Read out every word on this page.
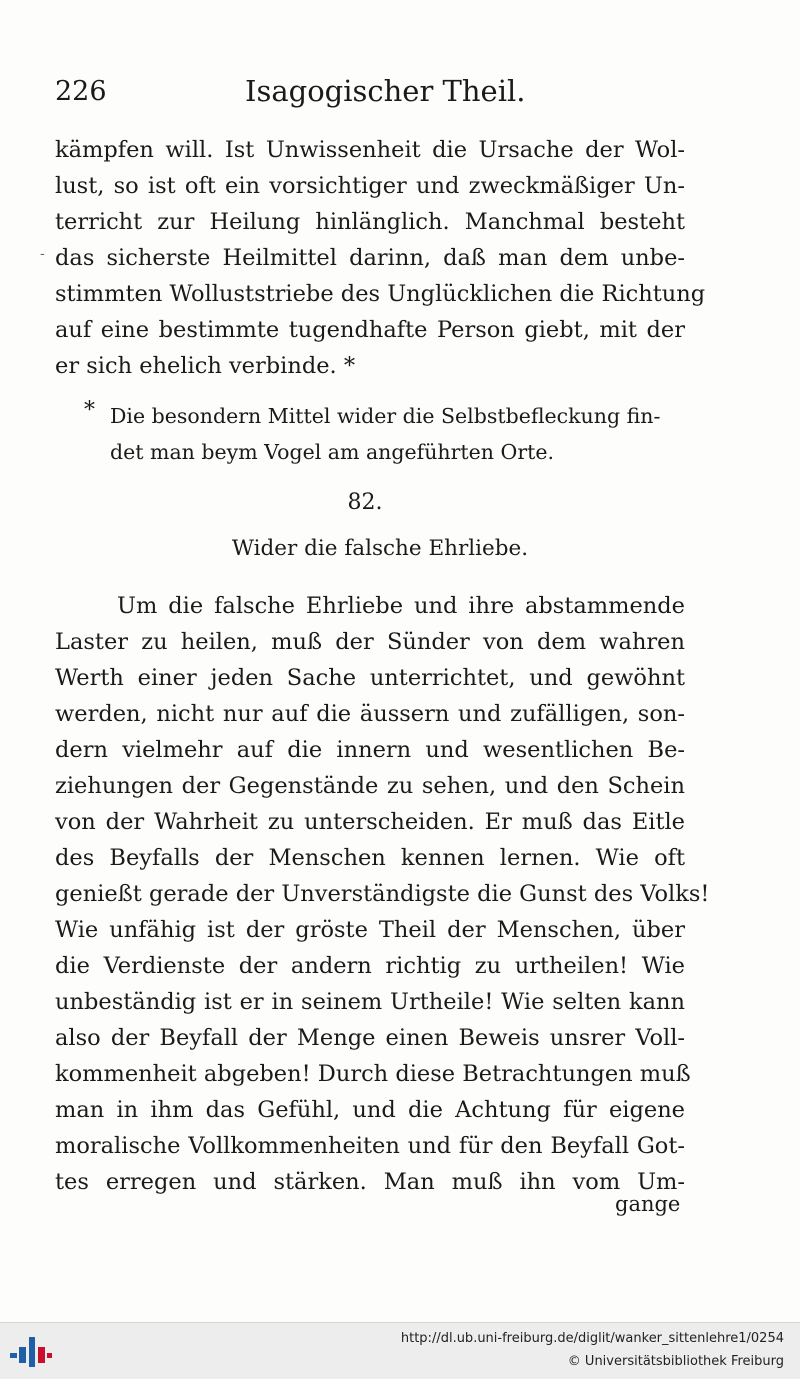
226	Isagogischer Theil.
-
kämpfen will. Ist Unwissenheit die Ursache der Wol-
lust, so ist oft ein vorsichtiger und zweckmäßiger Un-
terricht zur Heilung hinlänglich. Manchmal besteht
das sicherste Heilmittel darinn, daß man dem unbe-
stimmten Wolluststriebe des Unglücklichen die Richtung
auf eine bestimmte tugendhafte Person giebt, mit der
er sich ehelich verbinde. *
* Die besondern Mittel wider die Selbstbefleckung fin-
det man beym Vogel am angeführten Orte.
82.
Wider die falsche Ehrliebe.
Um die falsche Ehrliebe und ihre abstammende
Laster zu heilen, muß der Sünder von dem wahren
Werth einer jeden Sache unterrichtet, und gewöhnt
werden, nicht nur auf die äussern und zufälligen, son-
dern vielmehr auf die innern und wesentlichen Be-
ziehungen der Gegenstände zu sehen, und den Schein
von der Wahrheit zu unterscheiden. Er muß das Eitle
des Beyfalls der Menschen kennen lernen. Wie oft
genießt gerade der Unverständigste die Gunst des Volks!
Wie unfähig ist der gröste Theil der Menschen, über
die Verdienste der andern richtig zu urtheilen! Wie
unbeständig ist er in seinem Urtheile! Wie selten kann
also der Beyfall der Menge einen Beweis unsrer Voll-
kommenheit abgeben! Durch diese Betrachtungen muß
man in ihm das Gefühl, und die Achtung für eigene
moralische Vollkommenheiten und für den Beyfall Got-
tes erregen und stärken. Man muß ihn vom Um-
gange
http://dl.ub.uni-freiburg.de/diglit/wanker_sittenlehre1/0254
© Universitätsbibliothek Freiburg
